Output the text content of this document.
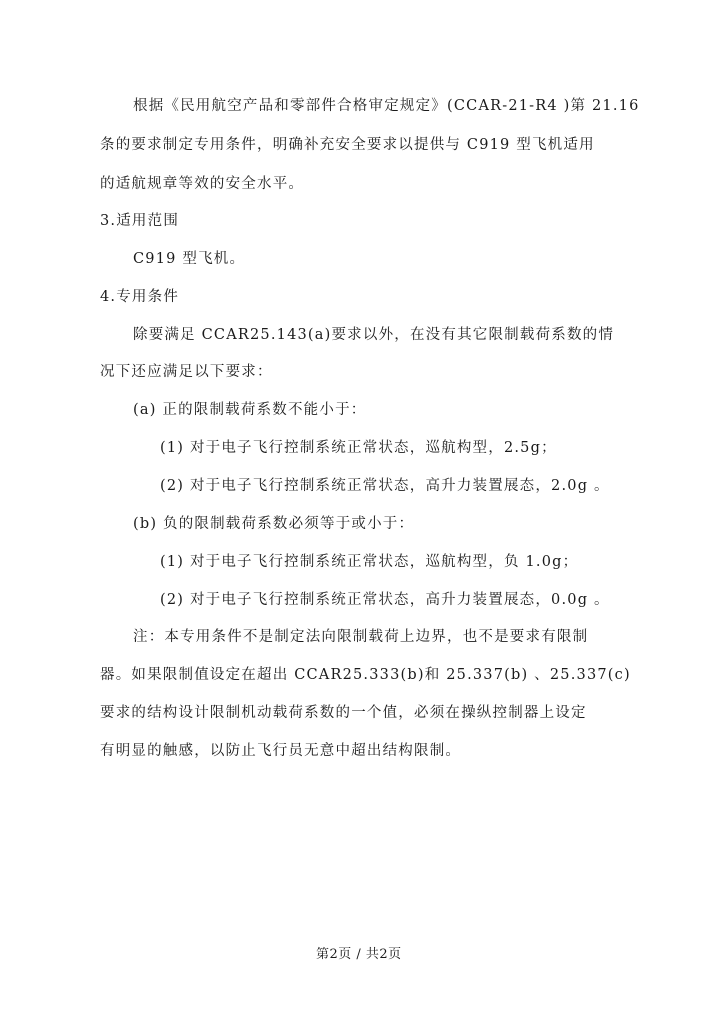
根据《民用航空产品和零部件合格审定规定》(CCAR-21-R4 )第 21.16
条的要求制定专用条件，明确补充安全要求以提供与 C919 型飞机适用
的适航规章等效的安全水平。
3.适用范围
C919 型飞机。
4.专用条件
除要满足 CCAR25.143(a)要求以外，在没有其它限制载荷系数的情
况下还应满足以下要求：
(a) 正的限制载荷系数不能小于：
(1) 对于电子飞行控制系统正常状态，巡航构型，2.5g；
(2) 对于电子飞行控制系统正常状态，高升力装置展态，2.0g 。
(b) 负的限制载荷系数必须等于或小于：
(1) 对于电子飞行控制系统正常状态，巡航构型，负 1.0g；
(2) 对于电子飞行控制系统正常状态，高升力装置展态，0.0g 。
注：本专用条件不是制定法向限制载荷上边界，也不是要求有限制
器。如果限制值设定在超出 CCAR25.333(b)和 25.337(b) 、25.337(c)
要求的结构设计限制机动载荷系数的一个值，必须在操纵控制器上设定
有明显的触感，以防止飞行员无意中超出结构限制。
第2页 / 共2页
